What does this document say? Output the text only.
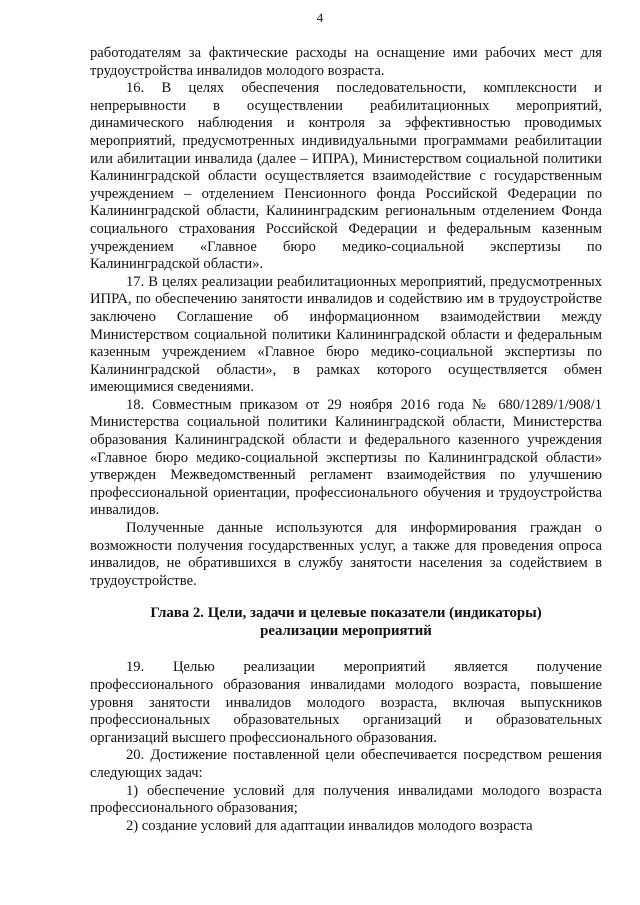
4

работодателям за фактические расходы на оснащение ими рабочих мест для трудоустройства инвалидов молодого возраста.

16. В целях обеспечения последовательности, комплексности и непрерывности в осуществлении реабилитационных мероприятий, динамического наблюдения и контроля за эффективностью проводимых мероприятий, предусмотренных индивидуальными программами реабилитации или абилитации инвалида (далее – ИПРА), Министерством социальной политики Калининградской области осуществляется взаимодействие с государственным учреждением – отделением Пенсионного фонда Российской Федерации по Калининградской области, Калининградским региональным отделением Фонда социального страхования Российской Федерации и федеральным казенным учреждением «Главное бюро медико-социальной экспертизы по Калининградской области».

17. В целях реализации реабилитационных мероприятий, предусмотренных ИПРА, по обеспечению занятости инвалидов и содействию им в трудоустройстве заключено Соглашение об информационном взаимодействии между Министерством социальной политики Калининградской области и федеральным казенным учреждением «Главное бюро медико-социальной экспертизы по Калининградской области», в рамках которого осуществляется обмен имеющимися сведениями.

18. Совместным приказом от 29 ноября 2016 года № 680/1289/1/908/1 Министерства социальной политики Калининградской области, Министерства образования Калининградской области и федерального казенного учреждения «Главное бюро медико-социальной экспертизы по Калининградской области» утвержден Межведомственный регламент взаимодействия по улучшению профессиональной ориентации, профессионального обучения и трудоустройства инвалидов.

Полученные данные используются для информирования граждан о возможности получения государственных услуг, а также для проведения опроса инвалидов, не обратившихся в службу занятости населения за содействием в трудоустройстве.

Глава 2. Цели, задачи и целевые показатели (индикаторы)
реализации мероприятий

19. Целью реализации мероприятий является получение профессионального образования инвалидами молодого возраста, повышение уровня занятости инвалидов молодого возраста, включая выпускников профессиональных образовательных организаций и образовательных организаций высшего профессионального образования.

20. Достижение поставленной цели обеспечивается посредством решения следующих задач:

1) обеспечение условий для получения инвалидами молодого возраста профессионального образования;

2) создание условий для адаптации инвалидов молодого возраста
